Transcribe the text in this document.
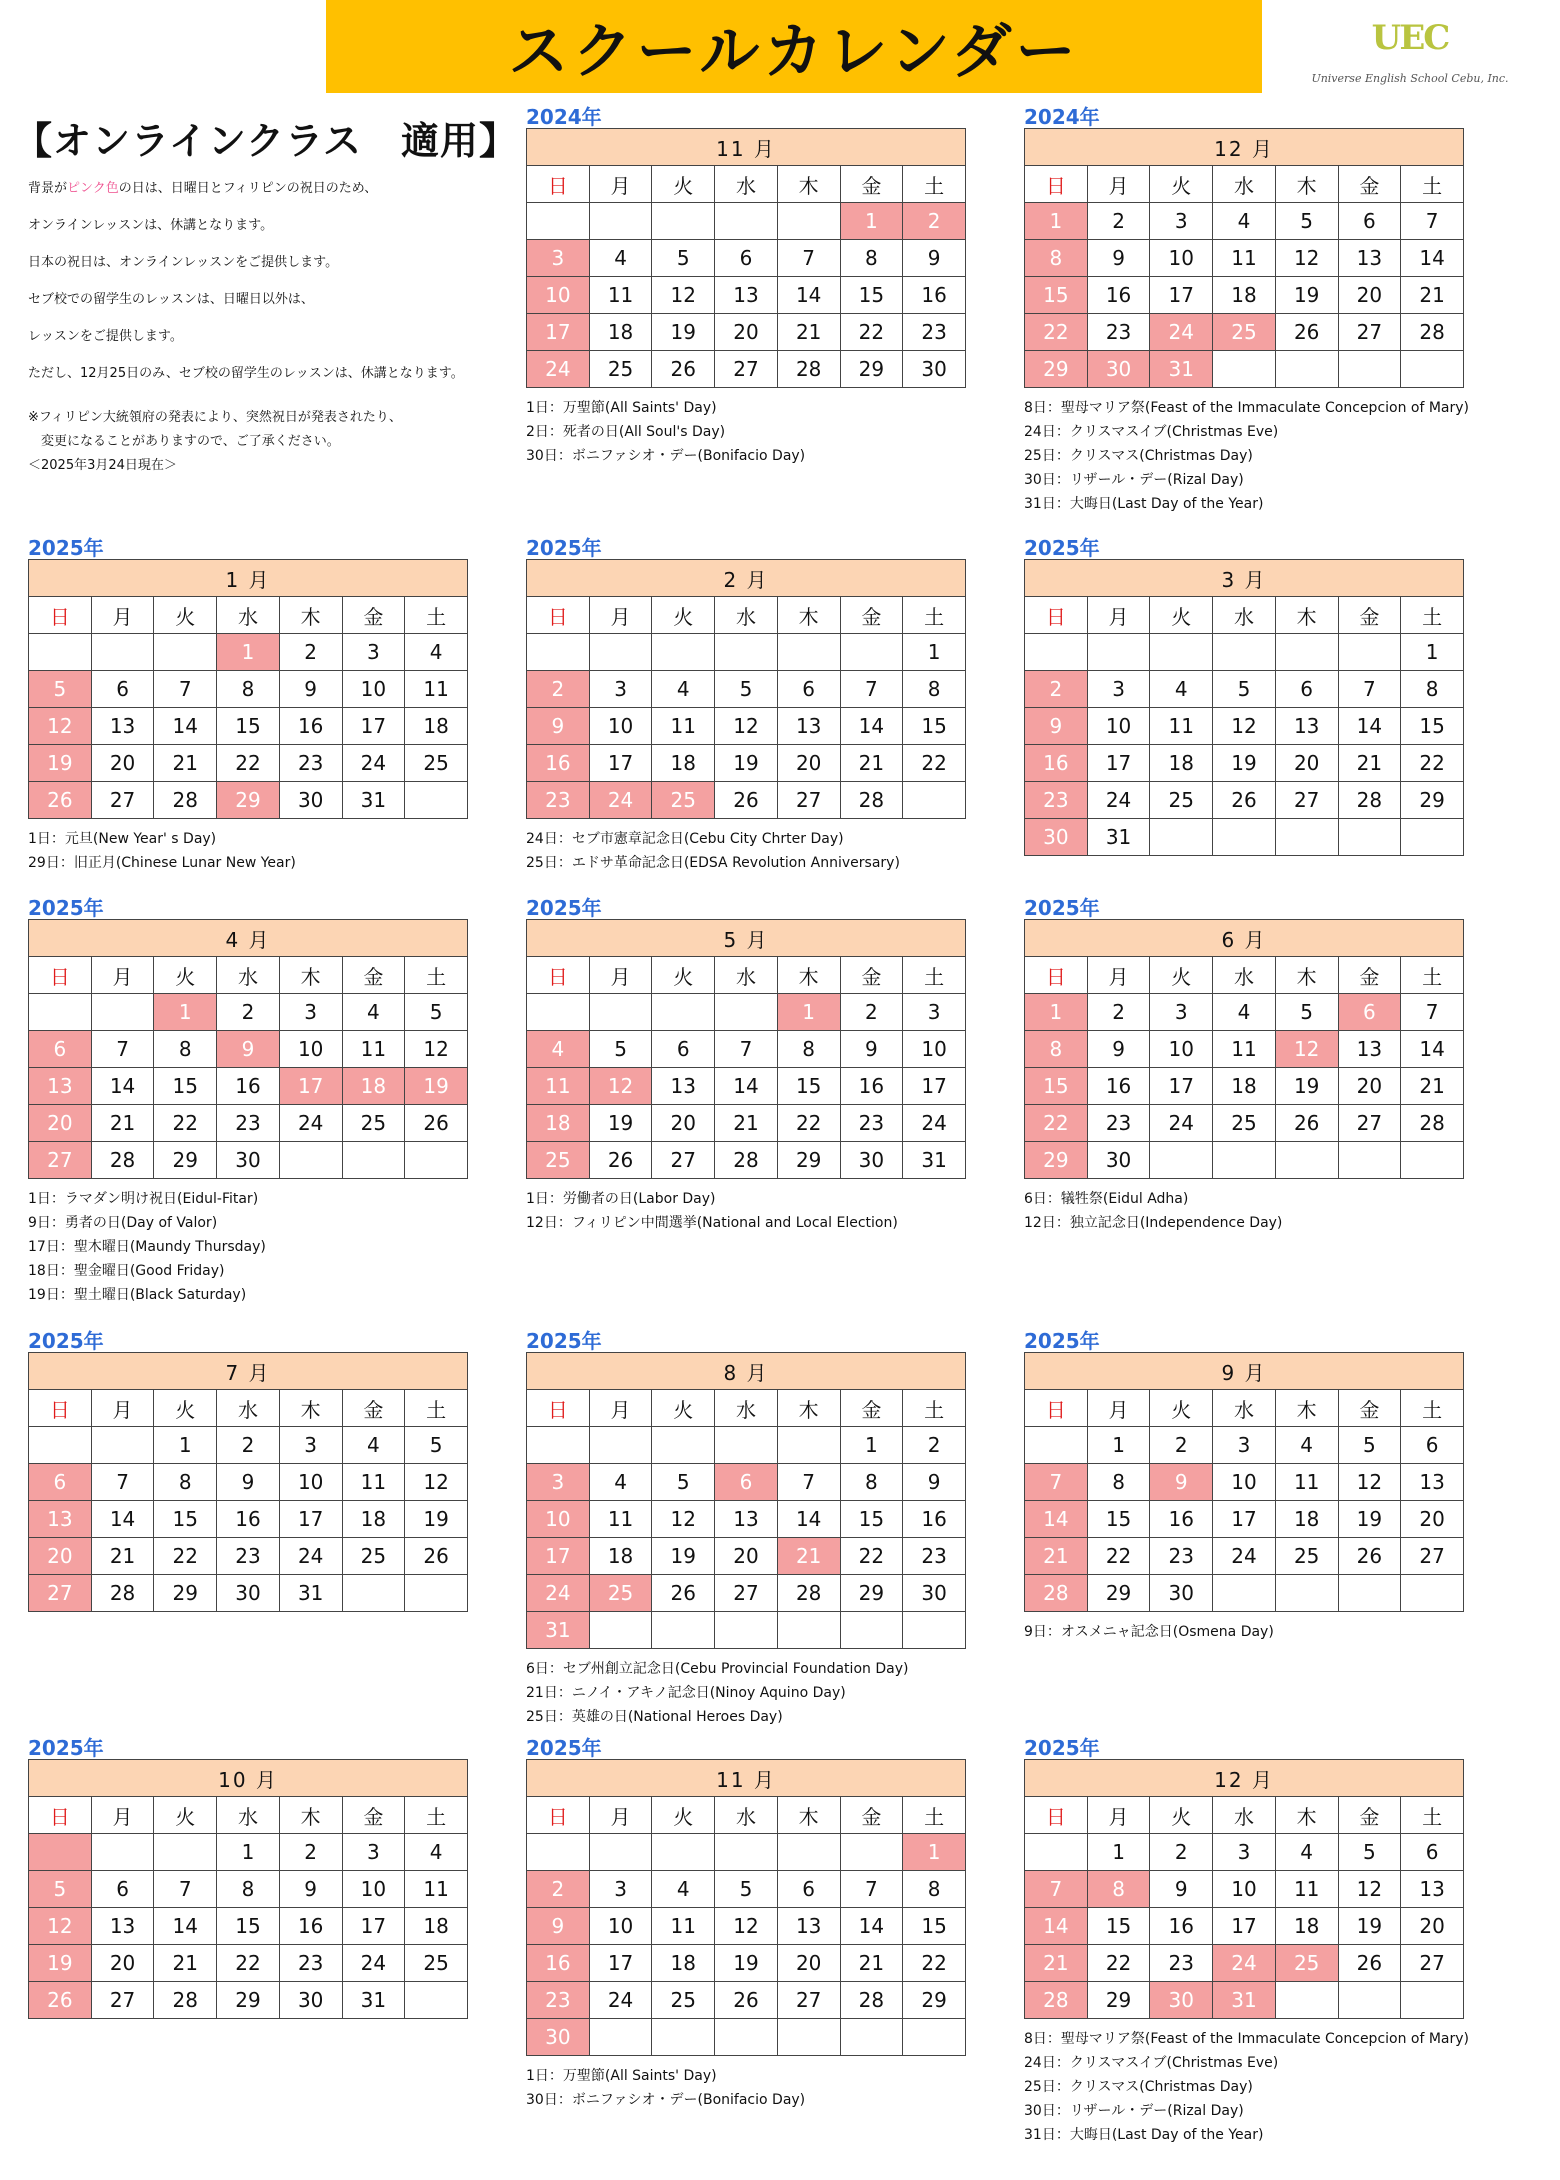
スクールカレンダー	UEC
Universe English School Cebu, Inc.
【オンラインクラス　適用】
背景がピンク色の日は、日曜日とフィリピンの祝日のため、
オンラインレッスンは、休講となります。
日本の祝日は、オンラインレッスンをご提供します。
セブ校での留学生のレッスンは、日曜日以外は、
レッスンをご提供します。
ただし、12月25日のみ、セブ校の留学生のレッスンは、休講となります。
※フィリピン大統領府の発表により、突然祝日が発表されたり、
　変更になることがありますので、ご了承ください。
＜2025年3月24日現在＞
2024年
11 月						
日	月	火	水	木	金	土
					1	2
3	4	5	6	7	8	9
10	11	12	13	14	15	16
17	18	19	20	21	22	23
24	25	26	27	28	29	30
1日：万聖節(All Saints' Day)
2日：死者の日(All Soul's Day)
30日：ボニファシオ・デー(Bonifacio Day)
2024年
12 月						
日	月	火	水	木	金	土
1	2	3	4	5	6	7
8	9	10	11	12	13	14
15	16	17	18	19	20	21
22	23	24	25	26	27	28
29	30	31				
8日：聖母マリア祭(Feast of the Immaculate Concepcion of Mary)
24日：クリスマスイブ(Christmas Eve)
25日：クリスマス(Christmas Day)
30日：リザール・デー(Rizal Day)
31日：大晦日(Last Day of the Year)
2025年
1 月						
日	月	火	水	木	金	土
			1	2	3	4
5	6	7	8	9	10	11
12	13	14	15	16	17	18
19	20	21	22	23	24	25
26	27	28	29	30	31	
1日：元旦(New Year' s Day)
29日：旧正月(Chinese Lunar New Year)
2025年
2 月						
日	月	火	水	木	金	土
						1
2	3	4	5	6	7	8
9	10	11	12	13	14	15
16	17	18	19	20	21	22
23	24	25	26	27	28	
24日：セブ市憲章記念日(Cebu City Chrter Day)
25日：エドサ革命記念日(EDSA Revolution Anniversary)
2025年
3 月						
日	月	火	水	木	金	土
						1
2	3	4	5	6	7	8
9	10	11	12	13	14	15
16	17	18	19	20	21	22
23	24	25	26	27	28	29
30	31					
2025年
4 月						
日	月	火	水	木	金	土
		1	2	3	4	5
6	7	8	9	10	11	12
13	14	15	16	17	18	19
20	21	22	23	24	25	26
27	28	29	30			
1日：ラマダン明け祝日(Eidul-Fitar)
9日：勇者の日(Day of Valor)
17日：聖木曜日(Maundy Thursday)
18日：聖金曜日(Good Friday)
19日：聖土曜日(Black Saturday)
2025年
5 月						
日	月	火	水	木	金	土
				1	2	3
4	5	6	7	8	9	10
11	12	13	14	15	16	17
18	19	20	21	22	23	24
25	26	27	28	29	30	31
1日：労働者の日(Labor Day)
12日：フィリピン中間選挙(National and Local Election)
2025年
6 月						
日	月	火	水	木	金	土
1	2	3	4	5	6	7
8	9	10	11	12	13	14
15	16	17	18	19	20	21
22	23	24	25	26	27	28
29	30					
6日：犠牲祭(Eidul Adha)
12日：独立記念日(Independence Day)
2025年
7 月						
日	月	火	水	木	金	土
		1	2	3	4	5
6	7	8	9	10	11	12
13	14	15	16	17	18	19
20	21	22	23	24	25	26
27	28	29	30	31		
2025年
8 月						
日	月	火	水	木	金	土
					1	2
3	4	5	6	7	8	9
10	11	12	13	14	15	16
17	18	19	20	21	22	23
24	25	26	27	28	29	30
31						
6日：セブ州創立記念日(Cebu Provincial Foundation Day)
21日：ニノイ・アキノ記念日(Ninoy Aquino Day)
25日：英雄の日(National Heroes Day)
2025年
9 月						
日	月	火	水	木	金	土
	1	2	3	4	5	6
7	8	9	10	11	12	13
14	15	16	17	18	19	20
21	22	23	24	25	26	27
28	29	30				
9日：オスメニャ記念日(Osmena Day)
2025年
10 月						
日	月	火	水	木	金	土
			1	2	3	4
5	6	7	8	9	10	11
12	13	14	15	16	17	18
19	20	21	22	23	24	25
26	27	28	29	30	31	
2025年
11 月						
日	月	火	水	木	金	土
						1
2	3	4	5	6	7	8
9	10	11	12	13	14	15
16	17	18	19	20	21	22
23	24	25	26	27	28	29
30						
1日：万聖節(All Saints' Day)
30日：ボニファシオ・デー(Bonifacio Day)
2025年
12 月						
日	月	火	水	木	金	土
	1	2	3	4	5	6
7	8	9	10	11	12	13
14	15	16	17	18	19	20
21	22	23	24	25	26	27
28	29	30	31			
8日：聖母マリア祭(Feast of the Immaculate Concepcion of Mary)
24日：クリスマスイブ(Christmas Eve)
25日：クリスマス(Christmas Day)
30日：リザール・デー(Rizal Day)
31日：大晦日(Last Day of the Year)
